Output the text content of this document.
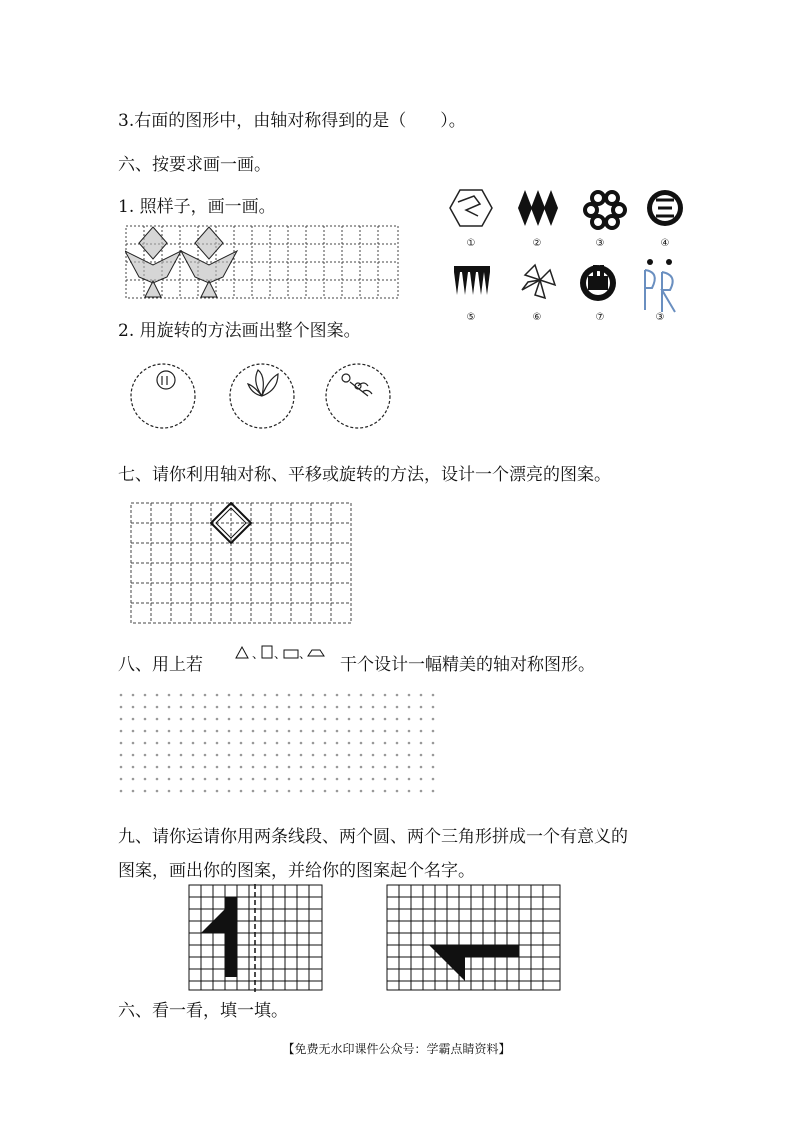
3.右面的图形中，由轴对称得到的是（　　）。
六、按要求画一画。
1. 照样子，画一画。
①	②	③	④
⑤	⑥	⑦	③
2. 用旋转的方法画出整个图案。
七、请你利用轴对称、平移或旋转的方法，设计一个漂亮的图案。
八、用上若
、 、 、
干个设计一幅精美的轴对称图形。
九、请你运请你用两条线段、两个圆、两个三角形拼成一个有意义的
图案，画出你的图案，并给你的图案起个名字。
六、看一看，填一填。
【免费无水印课件公众号：学霸点睛资料】
